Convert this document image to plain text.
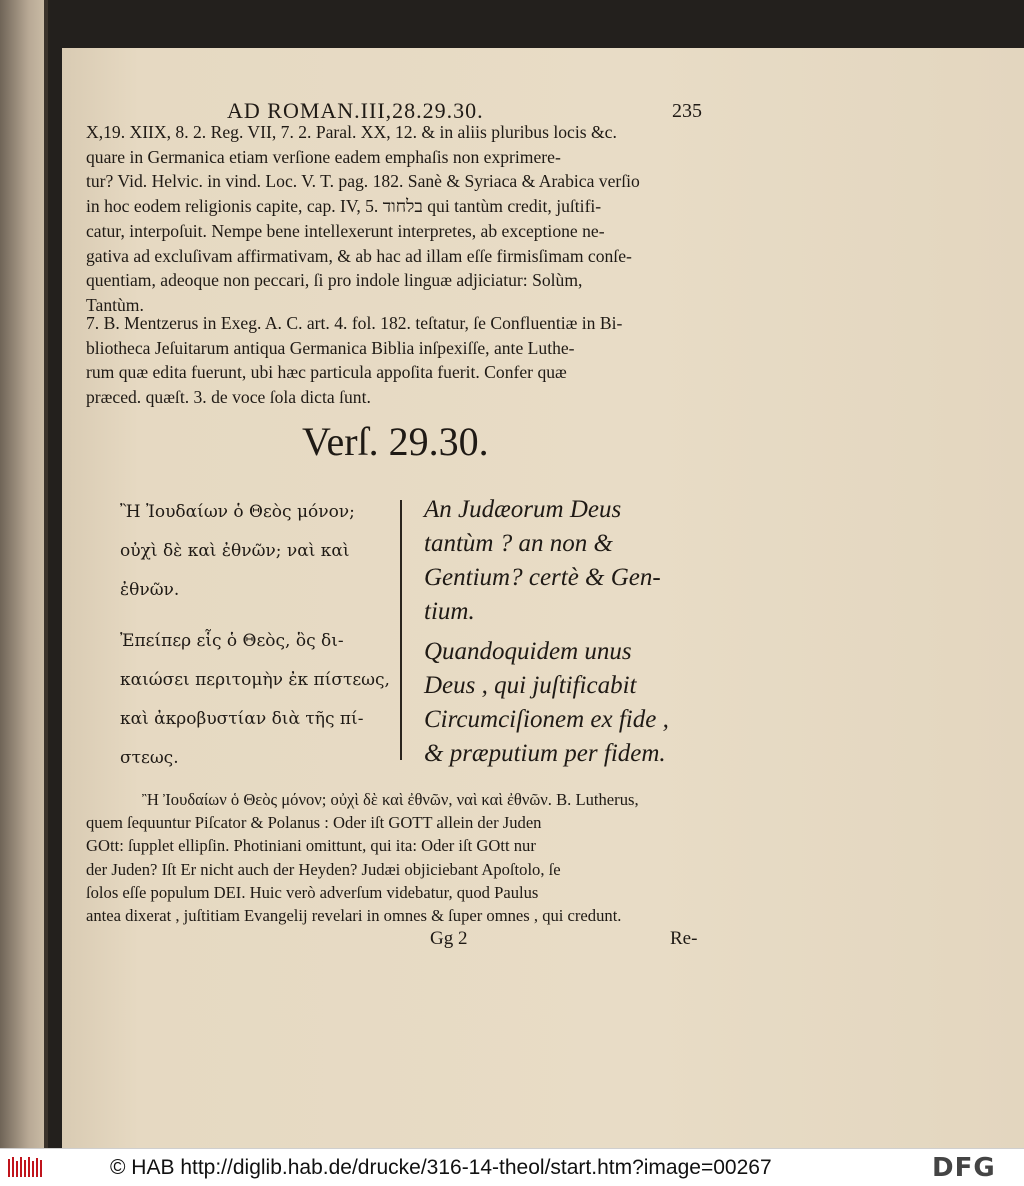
AD ROMAN.III,28.29.30.	235
X,19. XIIX, 8. 2. Reg. VII, 7. 2. Paral. XX, 12. & in aliis pluribus locis &c.
quare in Germanica etiam verſione eadem emphaſis non exprimere-
tur? Vid. Helvic. in vind. Loc. V. T. pag. 182. Sanè & Syriaca & Arabica verſio
in hoc eodem religionis capite, cap. IV, 5. בלחוד qui tantùm credit, juſtifi-
catur, interpoſuit. Nempe bene intellexerunt interpretes, ab exceptione ne-
gativa ad excluſivam affirmativam, & ab hac ad illam eſſe firmisſimam conſe-
quentiam, adeoque non peccari, ſi pro indole linguæ adjiciatur: Solùm,
Tantùm.
7. B. Mentzerus in Exeg. A. C. art. 4. fol. 182. teſtatur, ſe Confluentiæ in Bi-
bliotheca Jeſuitarum antiqua Germanica Biblia inſpexiſſe, ante Luthe-
rum quæ edita fuerunt, ubi hæc particula appoſita fuerit. Confer quæ
præced. quæſt. 3. de voce ſola dicta ſunt.
Verſ. 29.30.
Ἢ Ἰουδαίων ὁ Θεὸς μόνον;
οὐχὶ δὲ καὶ ἐθνῶν; ναὶ καὶ
ἐθνῶν.
Ἐπείπερ εἷς ὁ Θεὸς, ὃς δι-
καιώσει περιτομὴν ἐκ πίστεως,
καὶ ἀκροβυστίαν διὰ τῆς πί-
στεως.
An Judæorum Deus
tantùm ? an non &
Gentium? certè & Gen-
tium.
Quandoquidem unus
Deus , qui juſtificabit
Circumciſionem ex fide ,
& præputium per fidem.
Ἢ Ἰουδαίων ὁ Θεὸς μόνον; οὐχὶ δὲ καὶ ἐθνῶν, ναὶ καὶ ἐθνῶν. B. Lutherus,
quem ſequuntur Piſcator & Polanus : Oder iſt GOTT allein der Juden
GOtt: ſupplet ellipſin. Photiniani omittunt, qui ita: Oder iſt GOtt nur
der Juden? Iſt Er nicht auch der Heyden? Judæi objiciebant Apoſtolo, ſe
ſolos eſſe populum DEI. Huic verò adverſum videbatur, quod Paulus
antea dixerat , juſtitiam Evangelij revelari in omnes & ſuper omnes , qui credunt.
Gg 2	Re-
© HAB http://diglib.hab.de/drucke/316-14-theol/start.htm?image=00267	DFG
